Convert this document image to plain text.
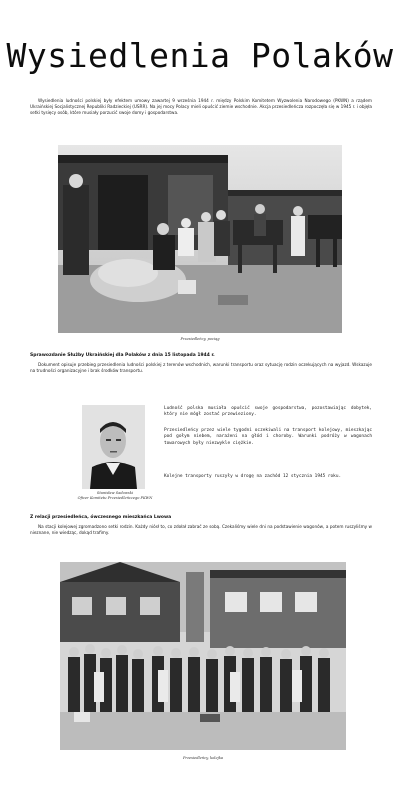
Wysiedlenia Polaków

Wysiedlenia ludności polskiej były efektem umowy zawartej 9 września 1944 r. między Polskim Komitetem Wyzwolenia Narodowego (PKWN) a rządem Ukraińskiej Socjalistycznej Republiki Radzieckiej (USRR). Na jej mocy Polacy mieli opuścić ziemie wschodnie. Akcja przesiedleńcza rozpoczęła się w 1945 r. i objęła setki tysięcy osób, które musiały porzucić swoje domy i gospodarstwa.

Przesiedleńcy, pociąg

Sprawozdanie Służby Ukraińskiej dla Polaków z dnia 15 listopada 1944 r.

Dokument opisuje przebieg przesiedlenia ludności polskiej z terenów wschodnich, warunki transportu oraz sytuację rodzin oczekujących na wyjazd. Wskazuje na trudności organizacyjne i brak środków transportu.

Stanisław Sadowski
Oficer Komitetu Przesiedleńczego PKWN

Ludność polska musiała opuścić swoje gospodarstwa, pozostawiając dobytek, który nie mógł zostać przewieziony.

Przesiedleńcy przez wiele tygodni oczekiwali na transport kolejowy, mieszkając pod gołym niebem, narażeni na głód i choroby. Warunki podróży w wagonach towarowych były niezwykle ciężkie.

Kolejne transporty ruszyły w drogę na zachód 12 stycznia 1945 roku.

Z relacji przesiedleńca, ówczesnego mieszkańca Lwowa

Na stacji kolejowej zgromadzono setki rodzin. Każdy niósł to, co zdołał zabrać ze sobą. Czekaliśmy wiele dni na podstawienie wagonów, a potem ruszyliśmy w nieznane, nie wiedząc, dokąd trafimy.

Przesiedleńcy, kolejka
